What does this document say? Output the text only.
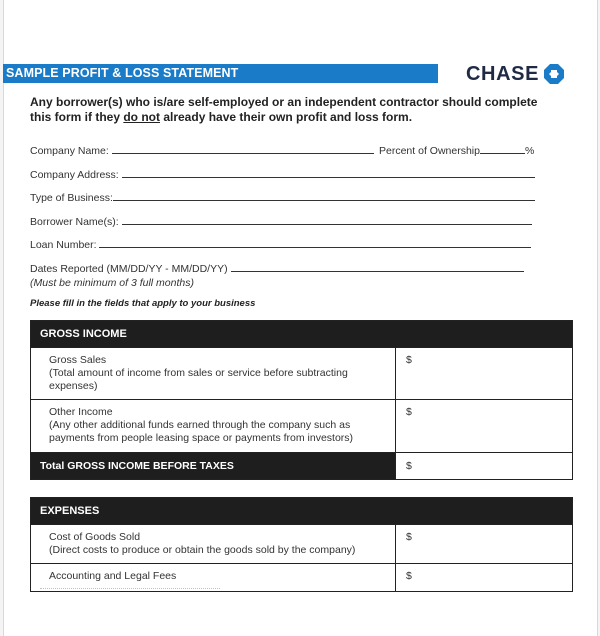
SAMPLE PROFIT & LOSS STATEMENT	CHASE
Any borrower(s) who is/are self-employed or an independent contractor should complete this form if they do not already have their own profit and loss form.
Company Name:	Percent of Ownership	%
Company Address:
Type of Business:
Borrower Name(s):
Loan Number:
Dates Reported (MM/DD/YY - MM/DD/YY)
(Must be minimum of 3 full months)
Please fill in the fields that apply to your business
GROSS INCOME	

Gross Sales
(Total amount of income from sales or service before subtracting expenses)	$

Other Income
(Any other additional funds earned through the company such as payments from people leasing space or payments from investors)	$
Total GROSS INCOME BEFORE TAXES	$
EXPENSES	

Cost of Goods Sold
(Direct costs to produce or obtain the goods sold by the company)	$

Accounting and Legal Fees	$
